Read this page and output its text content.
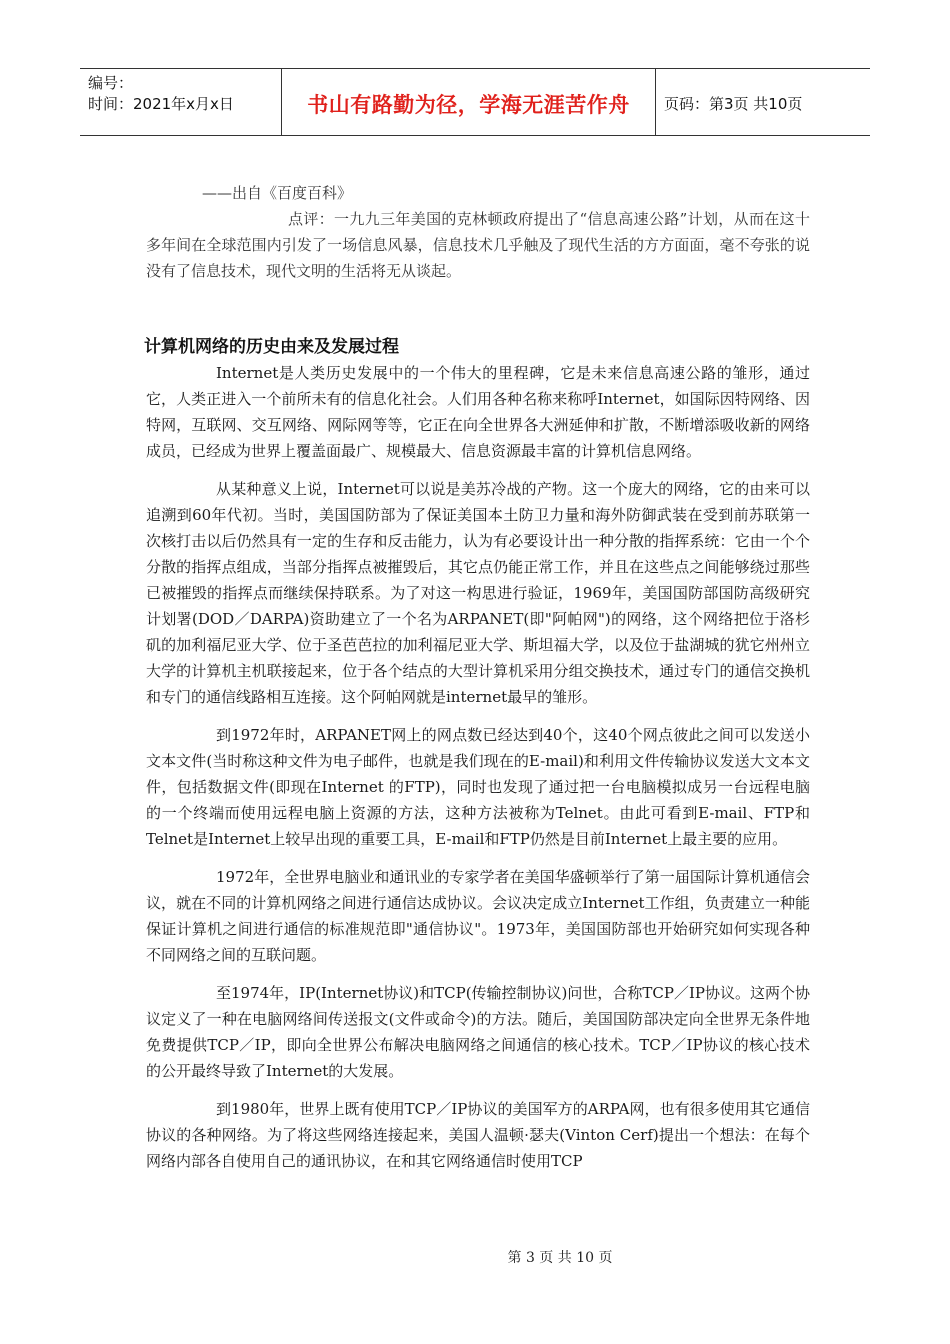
编号：
时间：2021年x月x日	书山有路勤为径，学海无涯苦作舟 页码：第3页 共10页

——出自《百度百科》

点评：一九九三年美国的克林顿政府提出了“信息高速公路”计划，从而在这十多年间在全球范围内引发了一场信息风暴，信息技术几乎触及了现代生活的方方面面，毫不夸张的说没有了信息技术，现代文明的生活将无从谈起。

计算机网络的历史由来及发展过程

Internet是人类历史发展中的一个伟大的里程碑，它是未来信息高速公路的雏形，通过它，人类正进入一个前所未有的信息化社会。人们用各种名称来称呼Internet，如国际因特网络、因特网，互联网、交互网络、网际网等等，它正在向全世界各大洲延伸和扩散，不断增添吸收新的网络成员，已经成为世界上覆盖面最广、规模最大、信息资源最丰富的计算机信息网络。

从某种意义上说，Internet可以说是美苏冷战的产物。这一个庞大的网络，它的由来可以追溯到60年代初。当时，美国国防部为了保证美国本土防卫力量和海外防御武装在受到前苏联第一次核打击以后仍然具有一定的生存和反击能力，认为有必要设计出一种分散的指挥系统：它由一个个分散的指挥点组成，当部分指挥点被摧毁后，其它点仍能正常工作，并且在这些点之间能够绕过那些已被摧毁的指挥点而继续保持联系。为了对这一构思进行验证，1969年，美国国防部国防高级研究计划署(DOD／DARPA)资助建立了一个名为ARPANET(即"阿帕网")的网络，这个网络把位于洛杉矶的加利福尼亚大学、位于圣芭芭拉的加利福尼亚大学、斯坦福大学，以及位于盐湖城的犹它州州立大学的计算机主机联接起来，位于各个结点的大型计算机采用分组交换技术，通过专门的通信交换机和专门的通信线路相互连接。这个阿帕网就是internet最早的雏形。

到1972年时，ARPANET网上的网点数已经达到40个，这40个网点彼此之间可以发送小文本文件(当时称这种文件为电子邮件，也就是我们现在的E-mail)和利用文件传输协议发送大文本文件，包括数据文件(即现在Internet 的FTP)，同时也发现了通过把一台电脑模拟成另一台远程电脑的一个终端而使用远程电脑上资源的方法，这种方法被称为Telnet。由此可看到E-mail、FTP和Telnet是Internet上较早出现的重要工具，E-mail和FTP仍然是目前Internet上最主要的应用。

1972年，全世界电脑业和通讯业的专家学者在美国华盛顿举行了第一届国际计算机通信会议，就在不同的计算机网络之间进行通信达成协议。会议决定成立Internet工作组，负责建立一种能保证计算机之间进行通信的标准规范即"通信协议"。1973年，美国国防部也开始研究如何实现各种不同网络之间的互联问题。

至1974年，IP(Internet协议)和TCP(传输控制协议)问世，合称TCP／IP协议。这两个协议定义了一种在电脑网络间传送报文(文件或命令)的方法。随后，美国国防部决定向全世界无条件地免费提供TCP／IP，即向全世界公布解决电脑网络之间通信的核心技术。TCP／IP协议的核心技术的公开最终导致了Internet的大发展。

到1980年，世界上既有使用TCP／IP协议的美国军方的ARPA网，也有很多使用其它通信协议的各种网络。为了将这些网络连接起来，美国人温顿·瑟夫(Vinton Cerf)提出一个想法：在每个网络内部各自使用自己的通讯协议，在和其它网络通信时使用TCP

第 3 页 共 10 页
